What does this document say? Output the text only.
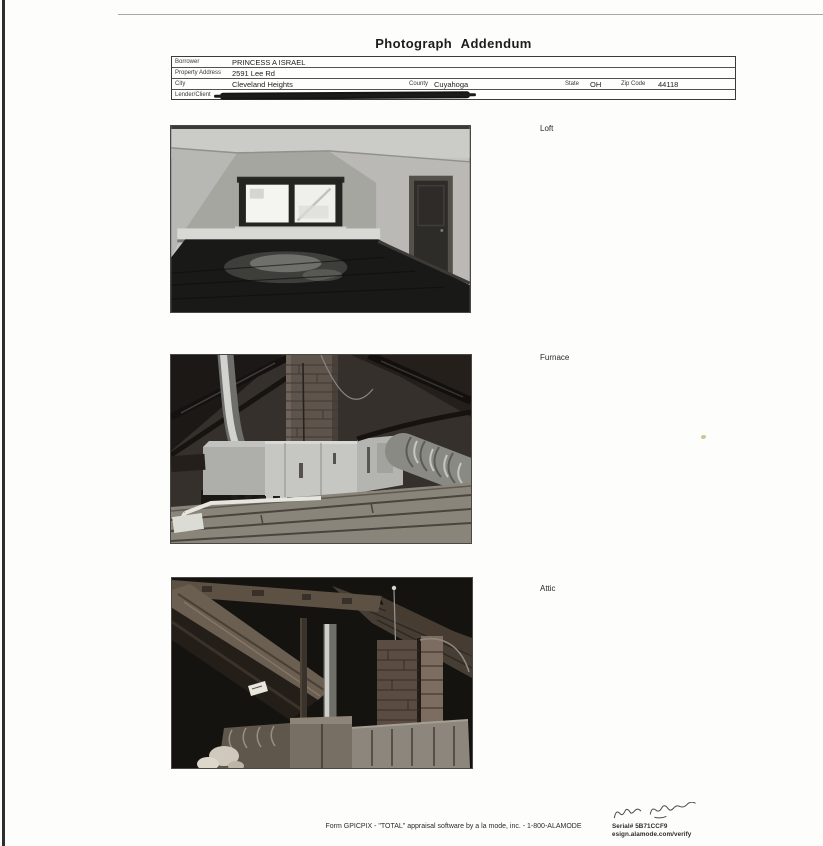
Photograph Addendum
Borrower	PRINCESS A ISRAEL
Property Address 2591 Lee Rd
City	Cleveland Heights	County Cuyahoga	State OH	Zip Code 44118
Lender/Client
Loft
Furnace
Attic
Form GPICPIX - "TOTAL" appraisal software by a la mode, inc. - 1-800-ALAMODE	Serial# 5B71CCF9
esign.alamode.com/verify
